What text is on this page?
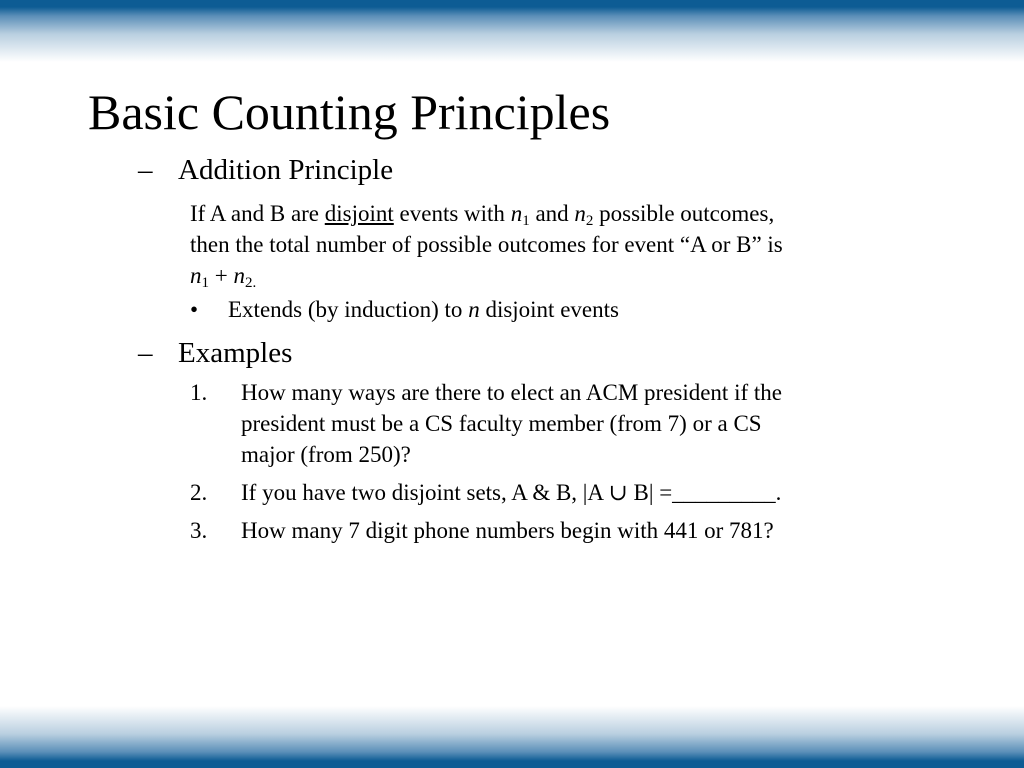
Basic Counting Principles
– Addition Principle
If A and B are disjoint events with $n_1$ and $n_2$ possible outcomes,
then the total number of possible outcomes for event “A or B” is
$n_1 + n_{2.}$
• Extends (by induction) to n disjoint events
– Examples
1. How many ways are there to elect an ACM president if the
president must be a CS faculty member (from 7) or a CS
major (from 250)?
2. If you have two disjoint sets, A & B, |A ∪ B| =_________.
3. How many 7 digit phone numbers begin with 441 or 781?
